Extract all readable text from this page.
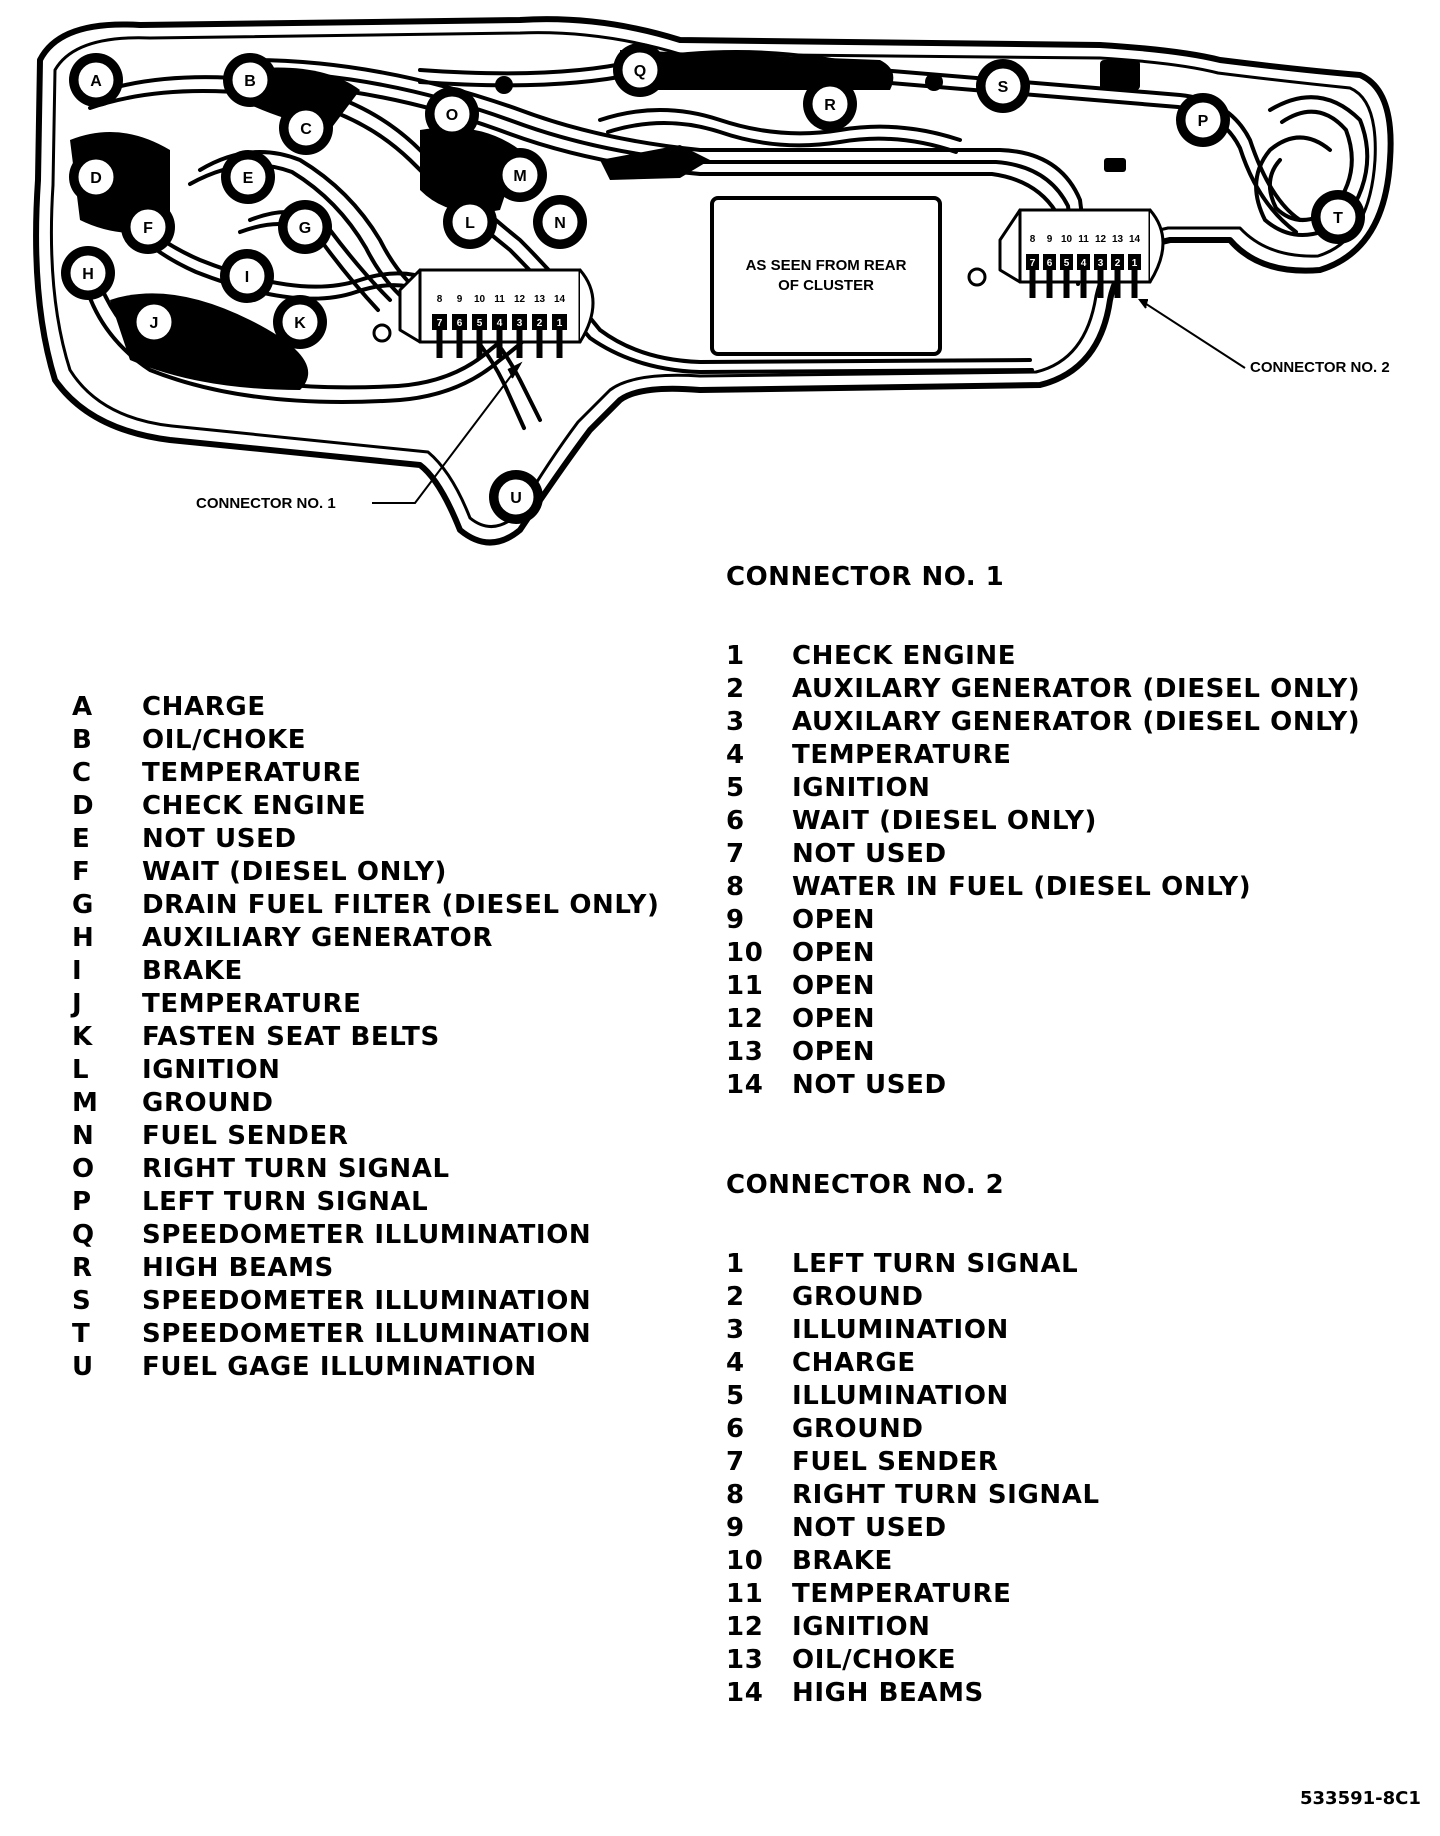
A	B
C
D	E
F	G
H	I
J	K
L
M
N
O	P
Q
R
S
T
U
8
7
9
6
10
5
11
4
12
3
13
2
14
1
8
7
9
6
10
5
11
4
12
3
13
2
14
1
AS SEEN FROM REAR
OF CLUSTER
CONNECTOR NO. 1
CONNECTOR NO. 2
A	CHARGE
B	OIL/CHOKE
C	TEMPERATURE
D	CHECK ENGINE
E	NOT USED
F	WAIT (DIESEL ONLY)
G	DRAIN FUEL FILTER (DIESEL ONLY)
H	AUXILIARY GENERATOR
I	BRAKE
J	TEMPERATURE
K	FASTEN SEAT BELTS
L	IGNITION
M	GROUND
N	FUEL SENDER
O	RIGHT TURN SIGNAL
P	LEFT TURN SIGNAL
Q	SPEEDOMETER ILLUMINATION
R	HIGH BEAMS
S	SPEEDOMETER ILLUMINATION
T	SPEEDOMETER ILLUMINATION
U	FUEL GAGE ILLUMINATION
CONNECTOR NO. 1
1	CHECK ENGINE
2	AUXILARY GENERATOR (DIESEL ONLY)
3	AUXILARY GENERATOR (DIESEL ONLY)
4	TEMPERATURE
5	IGNITION
6	WAIT (DIESEL ONLY)
7	NOT USED
8	WATER IN FUEL (DIESEL ONLY)
9	OPEN
10	OPEN
11	OPEN
12	OPEN
13	OPEN
14	NOT USED
CONNECTOR NO. 2
1	LEFT TURN SIGNAL
2	GROUND
3	ILLUMINATION
4	CHARGE
5	ILLUMINATION
6	GROUND
7	FUEL SENDER
8	RIGHT TURN SIGNAL
9	NOT USED
10	BRAKE
11	TEMPERATURE
12	IGNITION
13	OIL/CHOKE
14	HIGH BEAMS
533591-8C1
